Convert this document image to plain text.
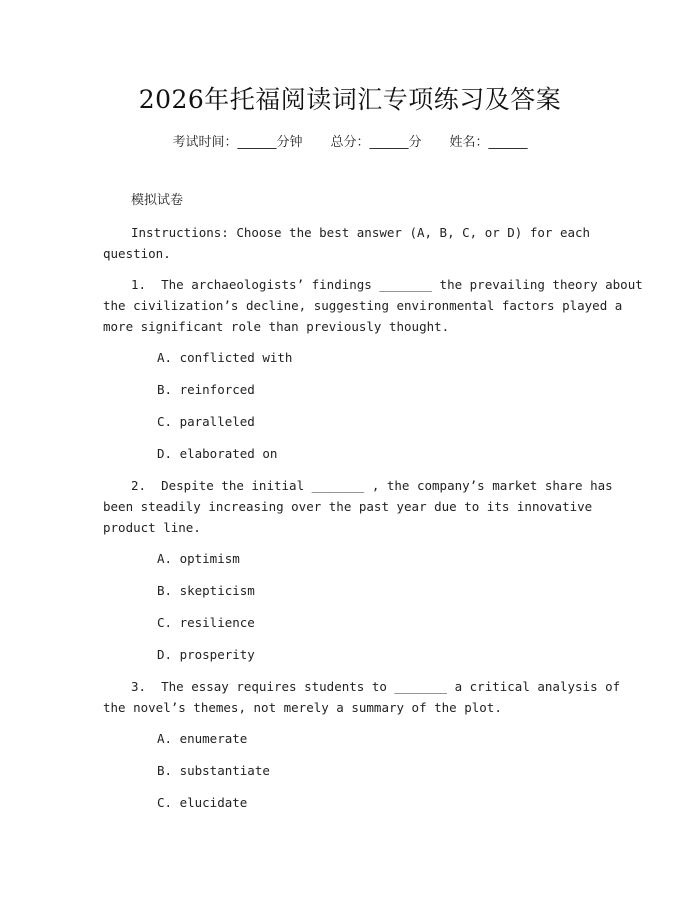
2026年托福阅读词汇专项练习及答案
考试时间：______分钟 总分：______分 姓名：______
模拟试卷
Instructions: Choose the best answer (A, B, C, or D) for each
question.
1.  The archaeologists’ findings _______ the prevailing theory about
the civilization’s decline, suggesting environmental factors played a
more significant role than previously thought.
A. conflicted with
B. reinforced
C. paralleled
D. elaborated on
2.  Despite the initial _______ , the company’s market share has
been steadily increasing over the past year due to its innovative
product line.
A. optimism
B. skepticism
C. resilience
D. prosperity
3.  The essay requires students to _______ a critical analysis of
the novel’s themes, not merely a summary of the plot.
A. enumerate
B. substantiate
C. elucidate
